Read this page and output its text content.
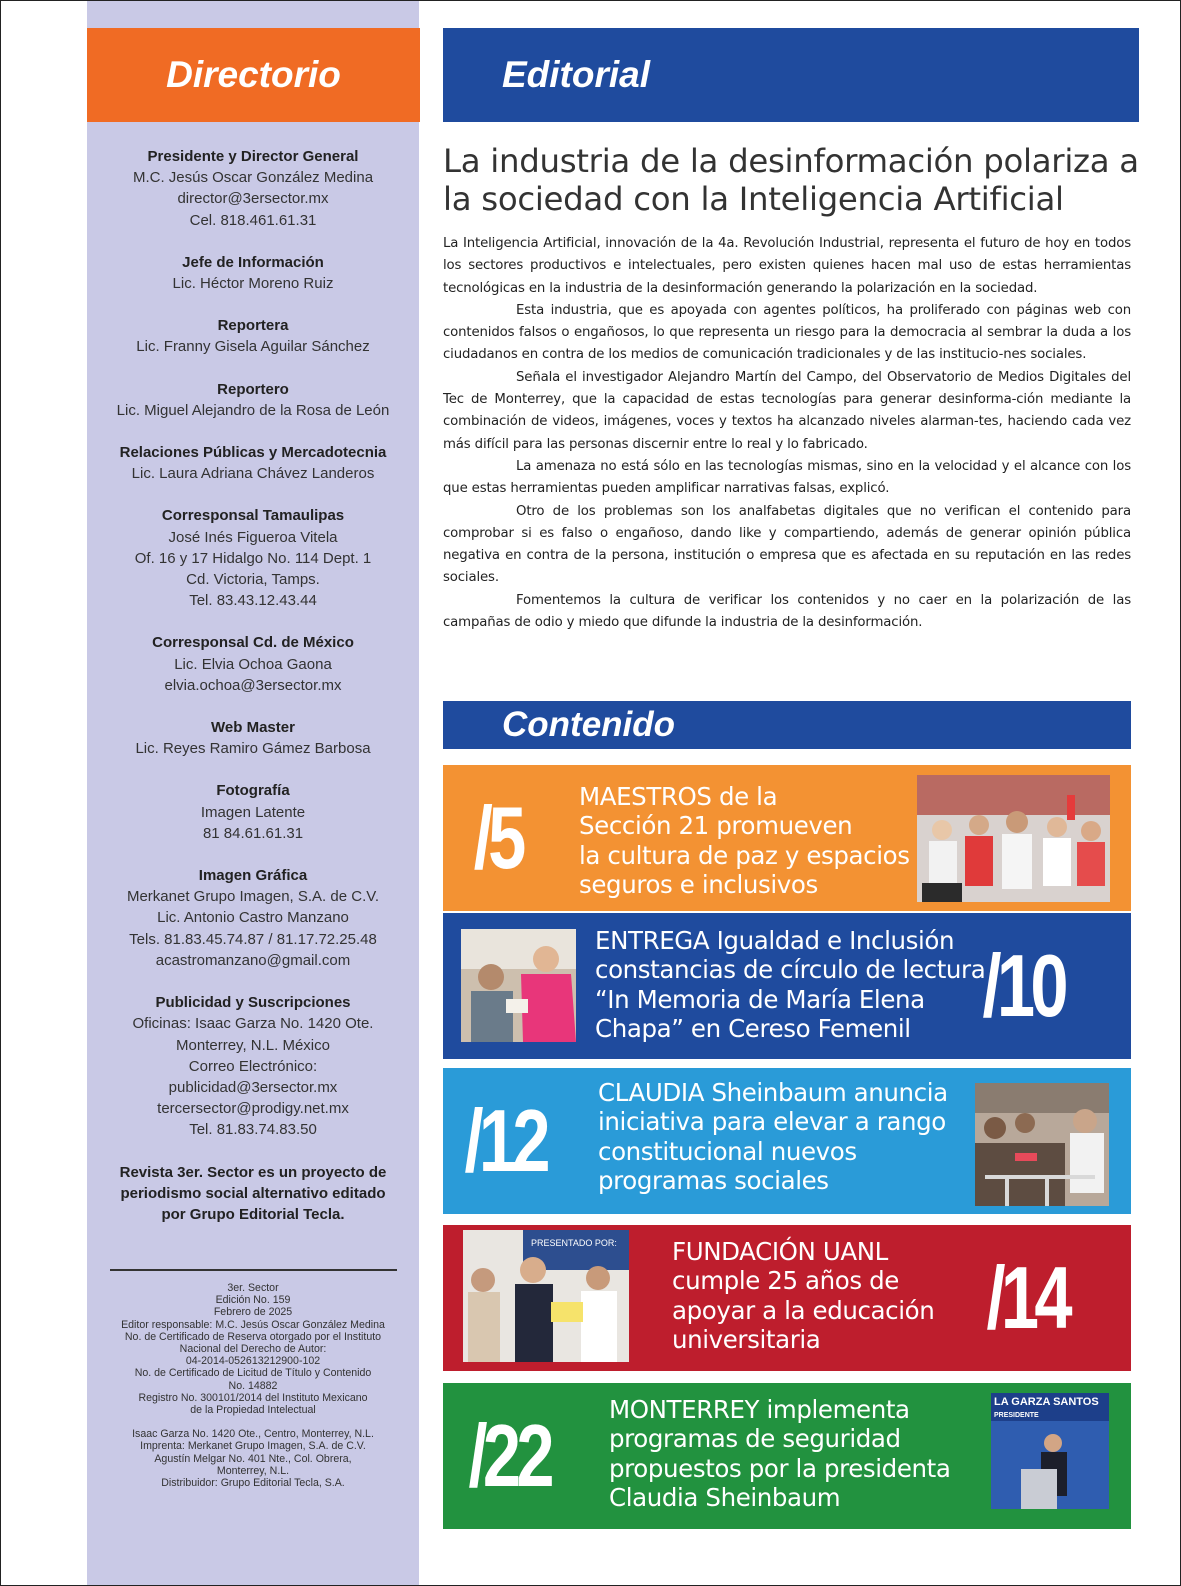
Directorio
Presidente y Director General
M.C. Jesús Oscar González Medina
director@3ersector.mx
Cel. 818.461.61.31
Jefe de Información
Lic. Héctor Moreno Ruiz
Reportera
Lic. Franny Gisela Aguilar Sánchez
Reportero
Lic. Miguel Alejandro de la Rosa de León
Relaciones Públicas y Mercadotecnia
Lic. Laura Adriana Chávez Landeros
Corresponsal Tamaulipas
José Inés Figueroa Vitela
Of. 16 y 17 Hidalgo No. 114 Dept. 1
Cd. Victoria, Tamps.
Tel. 83.43.12.43.44
Corresponsal Cd. de México
Lic. Elvia Ochoa Gaona
elvia.ochoa@3ersector.mx
Web Master
Lic. Reyes Ramiro Gámez Barbosa
Fotografía
Imagen Latente
81 84.61.61.31
Imagen Gráfica
Merkanet Grupo Imagen, S.A. de C.V.
Lic. Antonio Castro Manzano
Tels. 81.83.45.74.87 / 81.17.72.25.48
acastromanzano@gmail.com
Publicidad y Suscripciones
Oficinas: Isaac Garza No. 1420 Ote.
Monterrey, N.L. México
Correo Electrónico:
publicidad@3ersector.mx
tercersector@prodigy.net.mx
Tel. 81.83.74.83.50
Revista 3er. Sector es un proyecto de
periodismo social alternativo editado
por Grupo Editorial Tecla.
3er. Sector
Edición No. 159
Febrero de 2025
Editor responsable: M.C. Jesús Oscar González Medina
No. de Certificado de Reserva otorgado por el Instituto
Nacional del Derecho de Autor:
04-2014-052613212900-102
No. de Certificado de Licitud de Título y Contenido
No. 14882
Registro No. 300101/2014 del Instituto Mexicano
de la Propiedad Intelectual
Isaac Garza No. 1420 Ote., Centro, Monterrey, N.L.
Imprenta: Merkanet Grupo Imagen, S.A. de C.V.
Agustín Melgar No. 401 Nte., Col. Obrera,
Monterrey, N.L.
Distribuidor: Grupo Editorial Tecla, S.A.
Editorial
La industria de la desinformación polariza a la sociedad con la Inteligencia Artificial

La Inteligencia Artificial, innovación de la 4a. Revolución Industrial, representa el futuro de hoy en todos los sectores productivos e intelectuales, pero existen quienes hacen mal uso de estas herramientas tecnológicas en la industria de la desinformación generando la polarización en la sociedad.

Esta industria, que es apoyada con agentes políticos, ha proliferado con páginas web con contenidos falsos o engañosos, lo que representa un riesgo para la democracia al sembrar la duda a los ciudadanos en contra de los medios de comunicación tradicionales y de las institucio-nes sociales.

Señala el investigador Alejandro Martín del Campo, del Observatorio de Medios Digitales del Tec de Monterrey, que la capacidad de estas tecnologías para generar desinforma-ción mediante la combinación de videos, imágenes, voces y textos ha alcanzado niveles alarman-tes, haciendo cada vez más difícil para las personas discernir entre lo real y lo fabricado.

La amenaza no está sólo en las tecnologías mismas, sino en la velocidad y el alcance con los que estas herramientas pueden amplificar narrativas falsas, explicó.

Otro de los problemas son los analfabetas digitales que no verifican el contenido para comprobar si es falso o engañoso, dando like y compartiendo, además de generar opinión pública negativa en contra de la persona, institución o empresa que es afectada en su reputación en las redes sociales.

Fomentemos la cultura de verificar los contenidos y no caer en la polarización de las campañas de odio y miedo que difunde la industria de la desinformación.

Contenido
/5 MAESTROS de la
Sección 21 promueven
la cultura de paz y espacios
seguros e inclusivos
ENTREGA Igualdad e Inclusión
constancias de círculo de lectura
“In Memoria de María Elena
Chapa” en Cereso Femenil /10
/12 CLAUDIA Sheinbaum anuncia
iniciativa para elevar a rango
constitucional nuevos
programas sociales
PRESENTADO POR: FUNDACIÓN UANL
cumple 25 años de
apoyar a la educación
universitaria	/14
/22 MONTERREY implementa
programas de seguridad
propuestos por la presidenta
Claudia Sheinbaum
LA GARZA SANTOS
PRESIDENTE
